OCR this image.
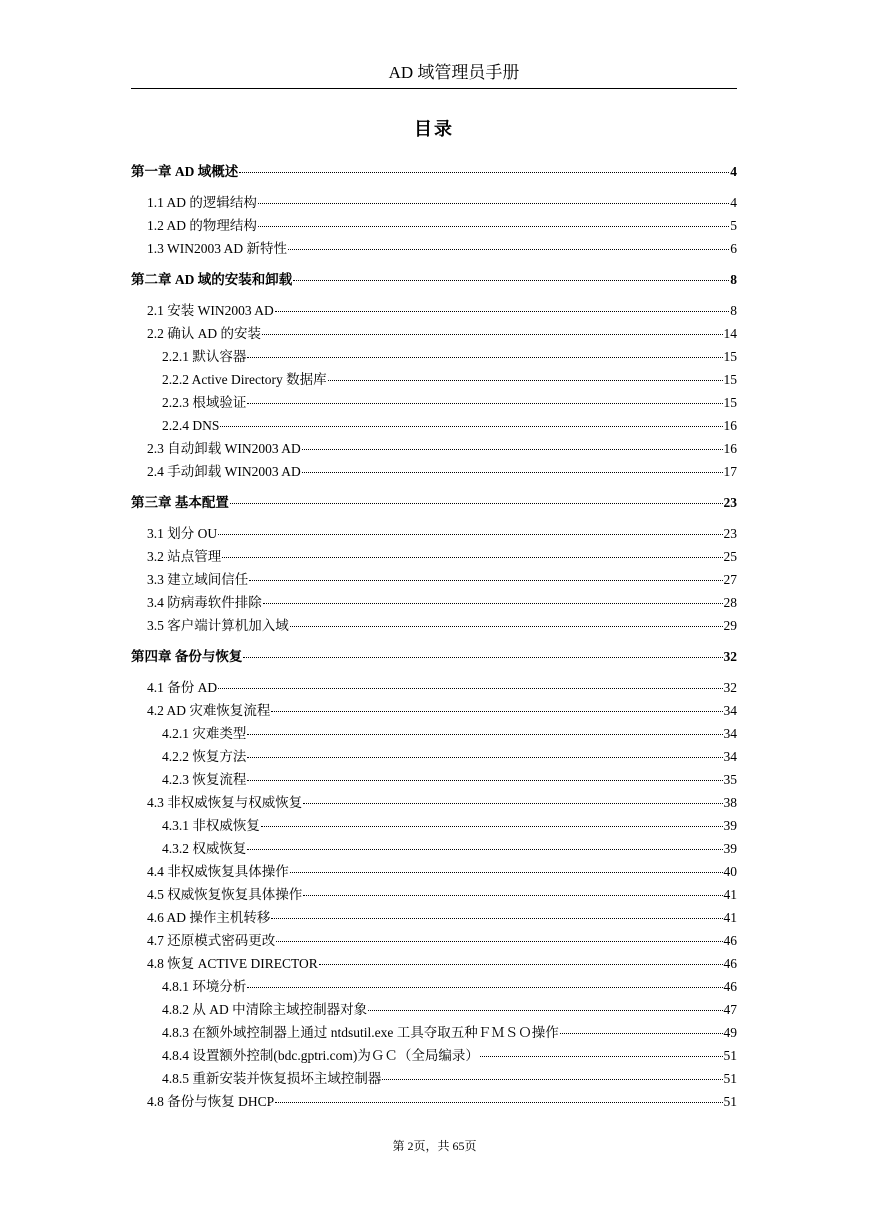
AD 域管理员手册
目录
第一章 AD 域概述	4
1.1 AD 的逻辑结构	4
1.2 AD 的物理结构	5
1.3 WIN2003 AD 新特性	6
第二章 AD 域的安装和卸载	8
2.1 安装 WIN2003 AD	8
2.2 确认 AD 的安装	14
2.2.1 默认容器	15
2.2.2 Active Directory 数据库	15
2.2.3 根域验证	15
2.2.4 DNS	16
2.3 自动卸载 WIN2003 AD	16
2.4 手动卸载 WIN2003 AD	17
第三章 基本配置	23
3.1 划分 OU	23
3.2 站点管理	25
3.3 建立域间信任	27
3.4 防病毒软件排除	28
3.5 客户端计算机加入域	29
第四章 备份与恢复	32
4.1 备份 AD	32
4.2 AD 灾难恢复流程	34
4.2.1 灾难类型	34
4.2.2 恢复方法	34
4.2.3 恢复流程	35
4.3 非权威恢复与权威恢复	38
4.3.1 非权威恢复	39
4.3.2 权威恢复	39
4.4 非权威恢复具体操作	40
4.5 权威恢复恢复具体操作	41
4.6 AD 操作主机转移	41
4.7 还原模式密码更改	46
4.8 恢复 ACTIVE DIRECTOR	46
4.8.1 环境分析	46
4.8.2 从 AD 中清除主域控制器对象	47
4.8.3 在额外域控制器上通过 ntdsutil.exe 工具夺取五种ＦＭＳＯ操作	49
4.8.4 设置额外控制(bdc.gptri.com)为ＧＣ（全局编录）	51
4.8.5 重新安装并恢复损坏主域控制器	51
4.8 备份与恢复 DHCP	51
第 2页，共 65页
